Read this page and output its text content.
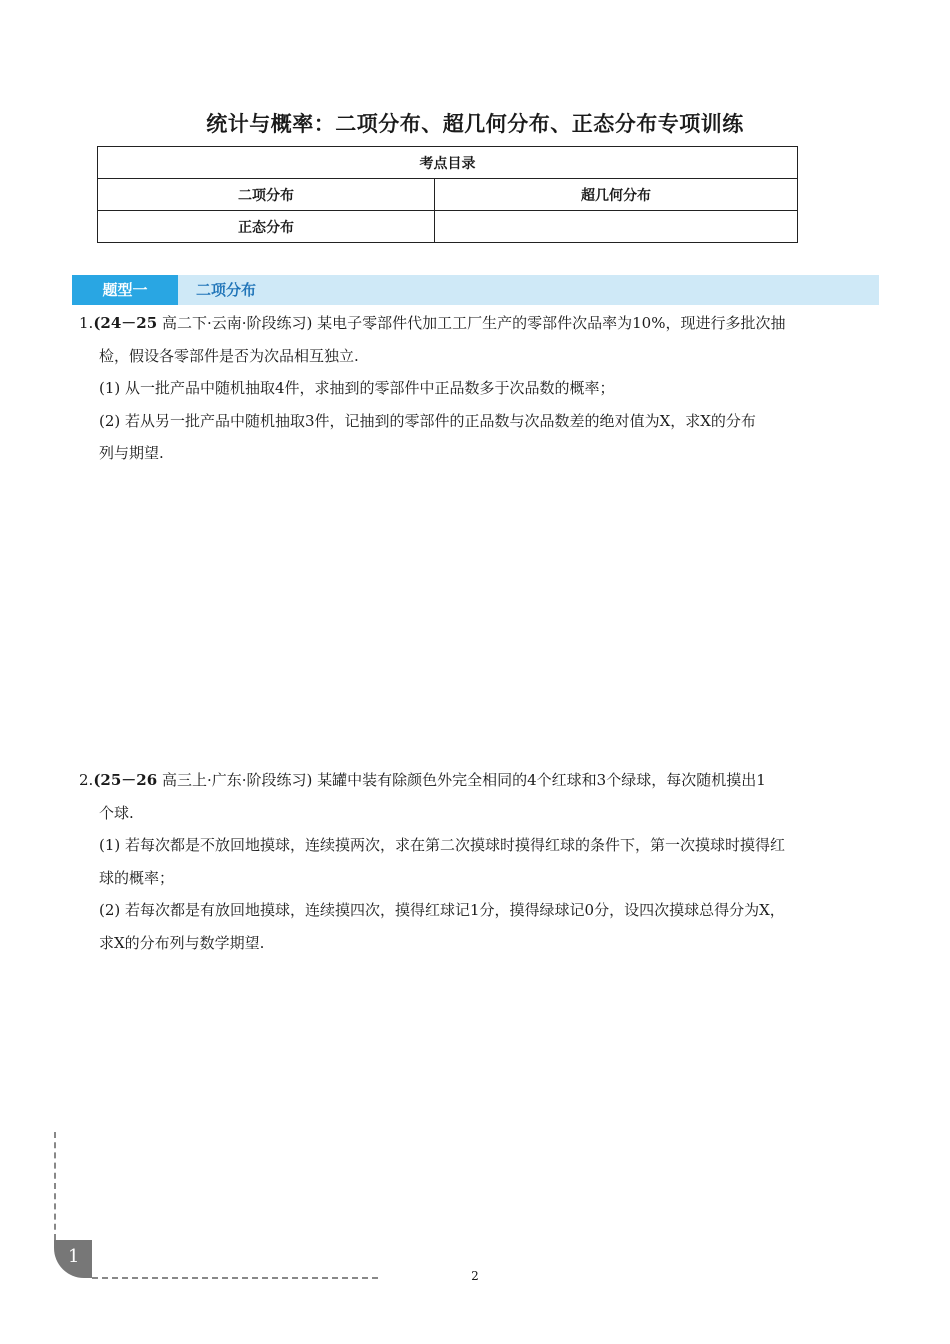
统计与概率：二项分布、超几何分布、正态分布专项训练
考点目录	
二项分布	超几何分布
正态分布	
题型一	二项分布

1.(24－25 高二下·云南·阶段练习) 某电子零部件代加工工厂生产的零部件次品率为10%，现进行多批次抽

检，假设各零部件是否为次品相互独立.

(1) 从一批产品中随机抽取4件，求抽到的零部件中正品数多于次品数的概率；

(2) 若从另一批产品中随机抽取3件，记抽到的零部件的正品数与次品数差的绝对值为X，求X的分布

列与期望.

2.(25－26 高三上·广东·阶段练习) 某罐中装有除颜色外完全相同的4个红球和3个绿球，每次随机摸出1

个球.

(1) 若每次都是不放回地摸球，连续摸两次，求在第二次摸球时摸得红球的条件下，第一次摸球时摸得红

球的概率；

(2) 若每次都是有放回地摸球，连续摸四次，摸得红球记1分，摸得绿球记0分，设四次摸球总得分为X，

求X的分布列与数学期望.

1
2
